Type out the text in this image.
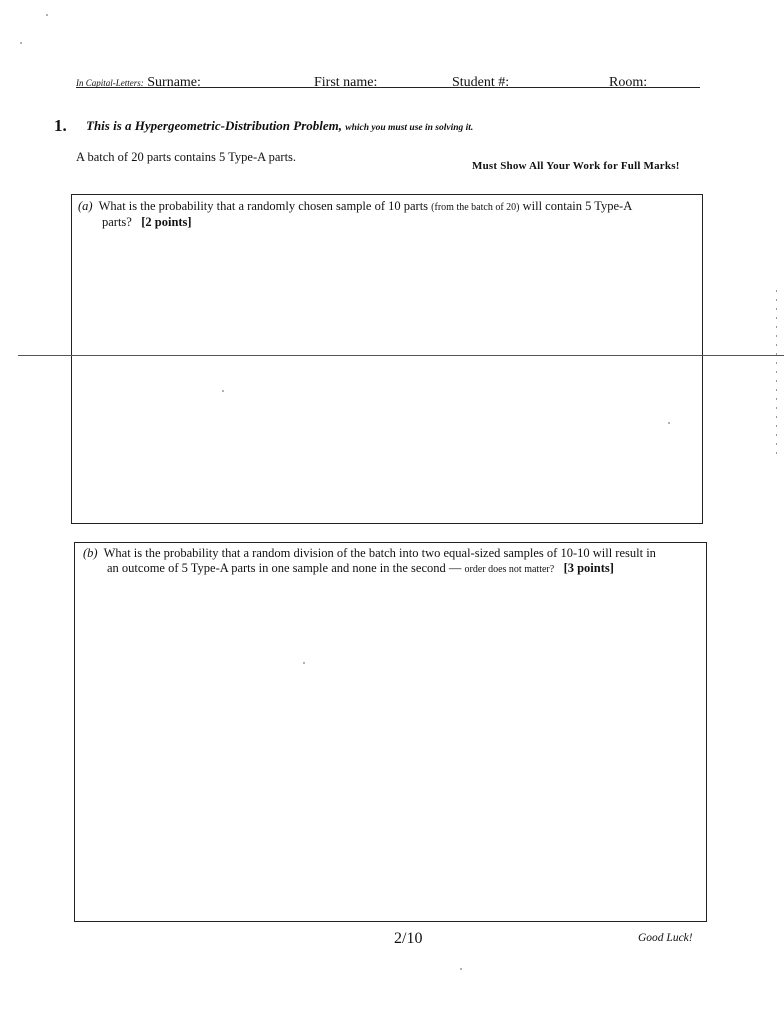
In Capital-Letters: Surname:	First name:	Student #:	Room:
1. This is a Hypergeometric-Distribution Problem, which you must use in solving it.
A batch of 20 parts contains 5 Type-A parts.
Must Show All Your Work for Full Marks!
(a) What is the probability that a randomly chosen sample of 10 parts (from the batch of 20) will contain 5 Type-A
parts? [2 points]
(b) What is the probability that a random division of the batch into two equal-sized samples of 10-10 will result in
an outcome of 5 Type-A parts in one sample and none in the second — order does not matter? [3 points]
2/10	Good Luck!
